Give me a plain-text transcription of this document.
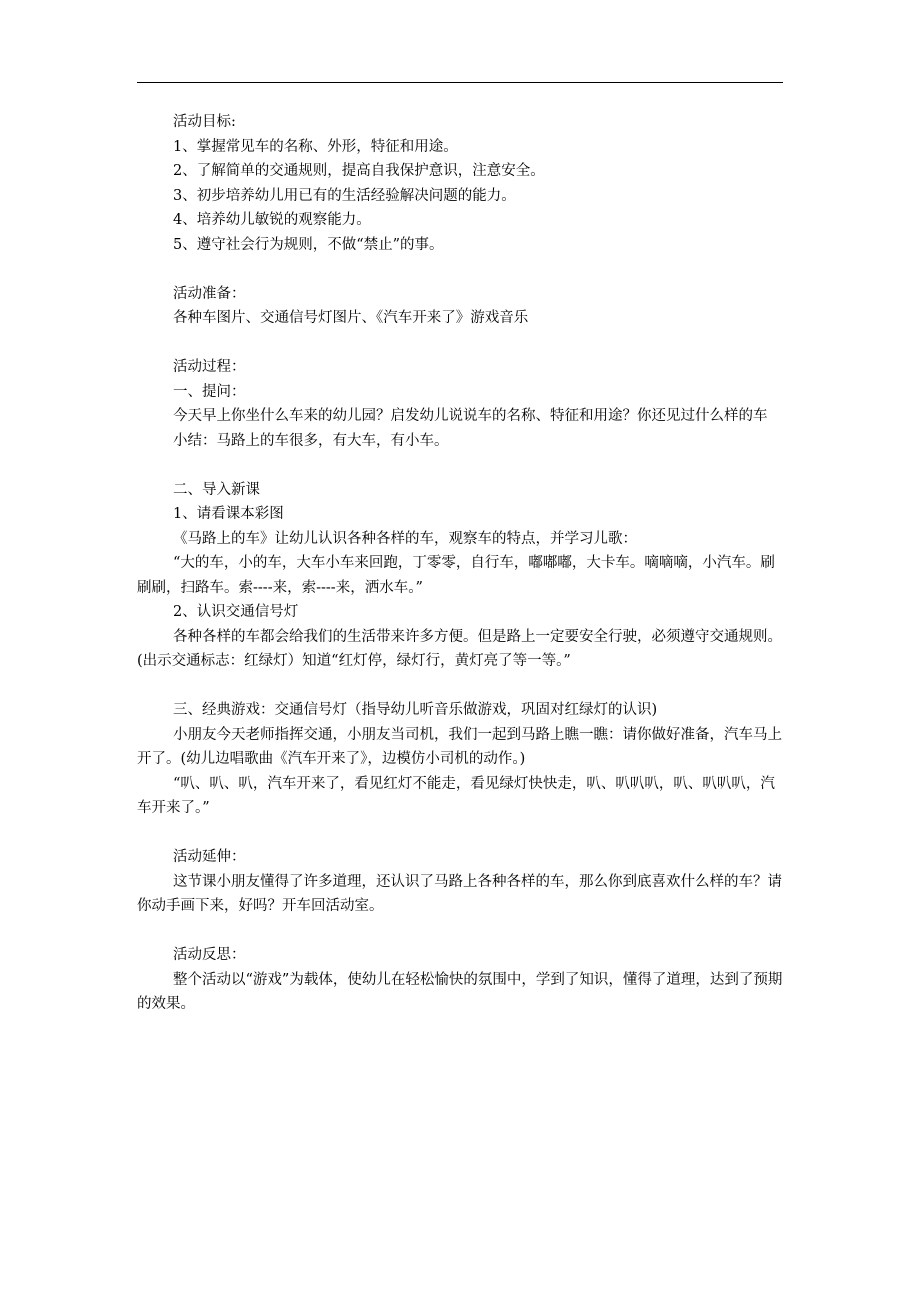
活动目标:

1、掌握常见车的名称、外形，特征和用途。

2、了解简单的交通规则，提高自我保护意识，注意安全。

3、初步培养幼儿用已有的生活经验解决问题的能力。

4、培养幼儿敏锐的观察能力。

5、遵守社会行为规则，不做“禁止”的事。

活动准备：

各种车图片、交通信号灯图片、《汽车开来了》游戏音乐

活动过程：

一、提问：

今天早上你坐什么车来的幼儿园？启发幼儿说说车的名称、特征和用途？你还见过什么样的车

小结：马路上的车很多，有大车，有小车。

二、导入新课

1、请看课本彩图

《马路上的车》让幼儿认识各种各样的车，观察车的特点，并学习儿歌：

“大的车，小的车，大车小车来回跑，丁零零，自行车，嘟嘟嘟，大卡车。嘀嘀嘀，小汽车。刷刷刷，扫路车。索----来，索----来，洒水车。”

2、认识交通信号灯

各种各样的车都会给我们的生活带来许多方便。但是路上一定要安全行驶，必须遵守交通规则。(出示交通标志：红绿灯）知道“红灯停，绿灯行，黄灯亮了等一等。”

三、经典游戏：交通信号灯（指导幼儿听音乐做游戏，巩固对红绿灯的认识)

小朋友今天老师指挥交通，小朋友当司机，我们一起到马路上瞧一瞧：请你做好准备，汽车马上开了。(幼儿边唱歌曲《汽车开来了》，边模仿小司机的动作。)

“叭、叭、叭，汽车开来了，看见红灯不能走，看见绿灯快快走，叭、叭叭叭，叭、叭叭叭，汽车开来了。”

活动延伸：

这节课小朋友懂得了许多道理，还认识了马路上各种各样的车，那么你到底喜欢什么样的车？请你动手画下来，好吗？开车回活动室。

活动反思：

整个活动以“游戏”为载体，使幼儿在轻松愉快的氛围中，学到了知识，懂得了道理，达到了预期的效果。
